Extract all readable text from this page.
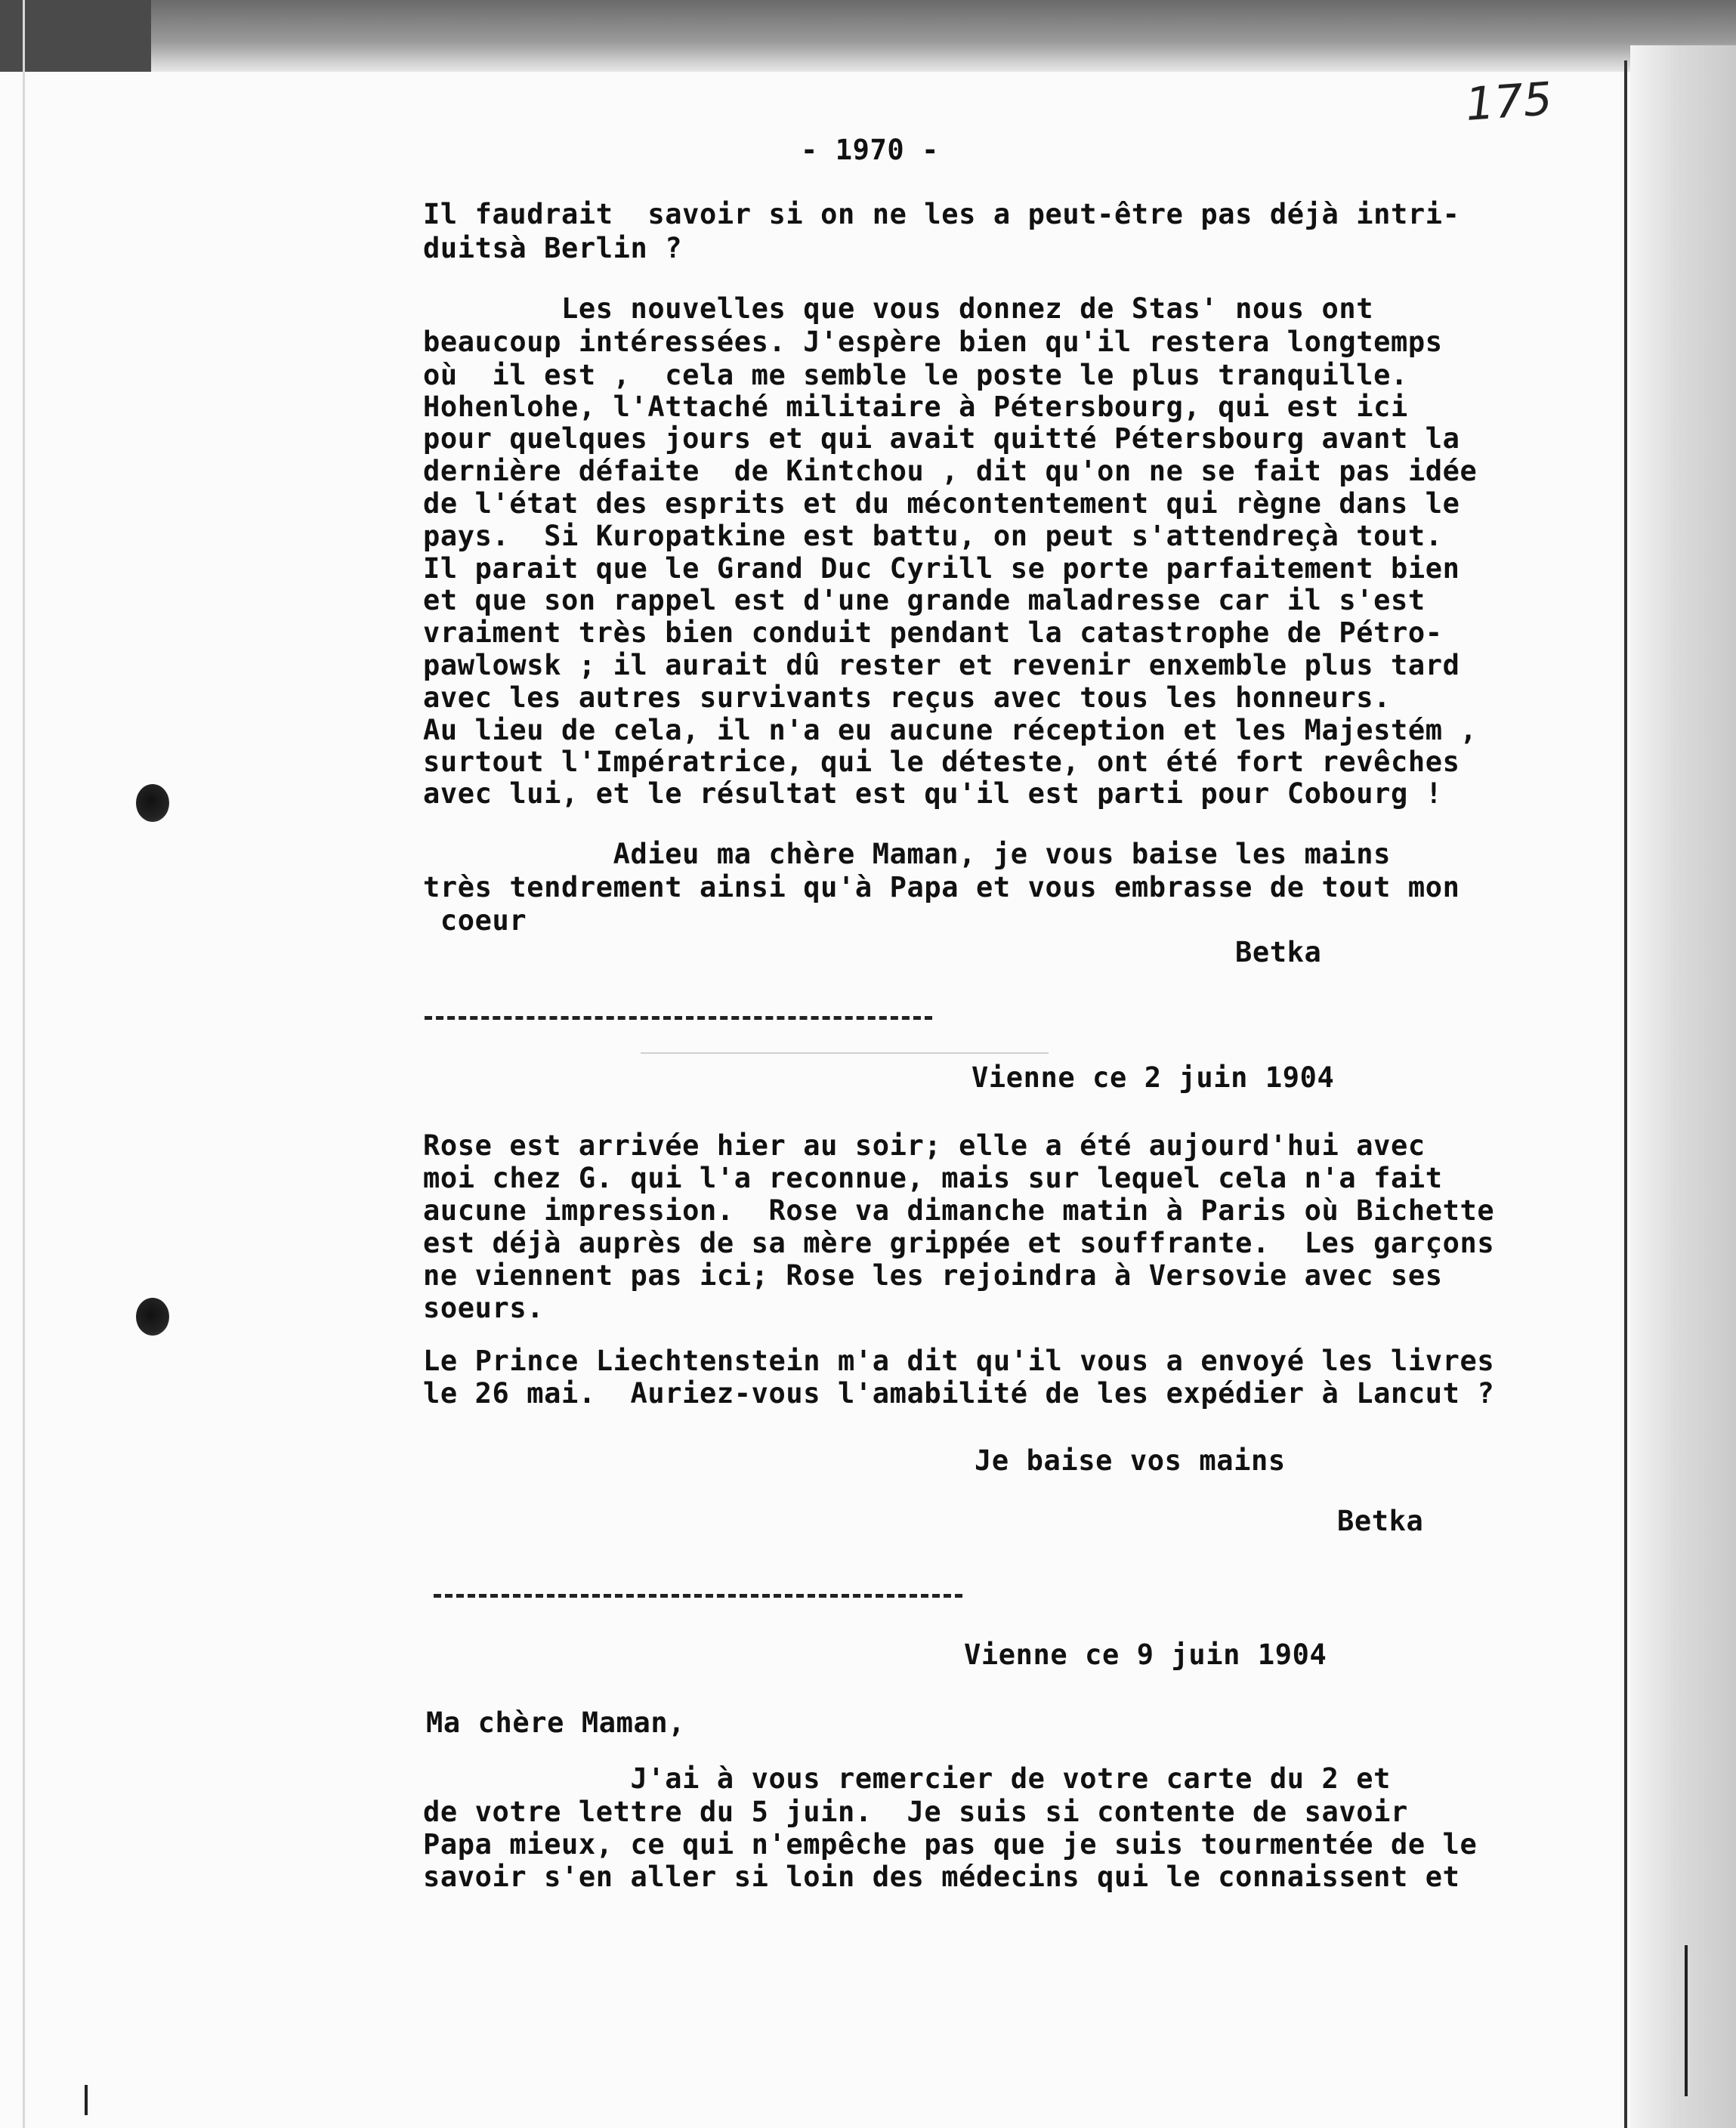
175
- 1970 -
Il faudrait  savoir si on ne les a peut-être pas déjà intri-
duitsà Berlin ?
Les nouvelles que vous donnez de Stas' nous ont
beaucoup intéressées. J'espère bien qu'il restera longtemps
où  il est ,  cela me semble le poste le plus tranquille.
Hohenlohe, l'Attaché militaire à Pétersbourg, qui est ici
pour quelques jours et qui avait quitté Pétersbourg avant la
dernière défaite  de Kintchou , dit qu'on ne se fait pas idée
de l'état des esprits et du mécontentement qui règne dans le
pays.  Si Kuropatkine est battu, on peut s'attendreçà tout.
Il parait que le Grand Duc Cyrill se porte parfaitement bien
et que son rappel est d'une grande maladresse car il s'est
vraiment très bien conduit pendant la catastrophe de Pétro-
pawlowsk ; il aurait dû rester et revenir enxemble plus tard
avec les autres survivants reçus avec tous les honneurs.
Au lieu de cela, il n'a eu aucune réception et les Majestém ,
surtout l'Impératrice, qui le déteste, ont été fort revêches
avec lui, et le résultat est qu'il est parti pour Cobourg !
Adieu ma chère Maman, je vous baise les mains
très tendrement ainsi qu'à Papa et vous embrasse de tout mon
coeur
Betka
Vienne ce 2 juin 1904
Rose est arrivée hier au soir; elle a été aujourd'hui avec
moi chez G. qui l'a reconnue, mais sur lequel cela n'a fait
aucune impression.  Rose va dimanche matin à Paris où Bichette
est déjà auprès de sa mère grippée et souffrante.  Les garçons
ne viennent pas ici; Rose les rejoindra à Versovie avec ses
soeurs.
Le Prince Liechtenstein m'a dit qu'il vous a envoyé les livres
le 26 mai.  Auriez-vous l'amabilité de les expédier à Lancut ?
Je baise vos mains
Betka
Vienne ce 9 juin 1904
Ma chère Maman,
J'ai à vous remercier de votre carte du 2 et
de votre lettre du 5 juin.  Je suis si contente de savoir
Papa mieux, ce qui n'empêche pas que je suis tourmentée de le
savoir s'en aller si loin des médecins qui le connaissent et
